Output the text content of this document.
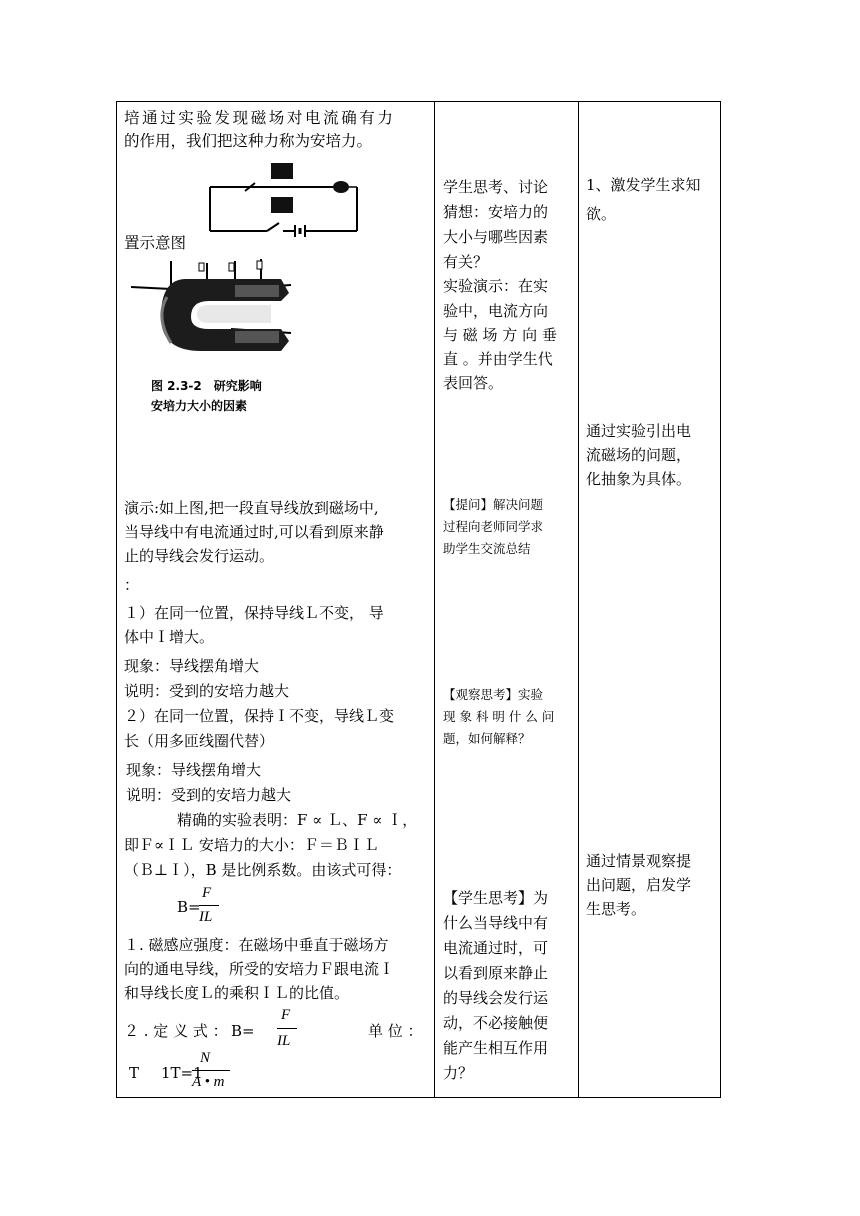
培通过实验发现磁场对电流确有力
的作用，我们把这种力称为安培力。
置示意图
图 2.3-2　研究影响
安培力大小的因素
演示:如上图,把一段直导线放到磁场中,
当导线中有电流通过时,可以看到原来静
止的导线会发行运动。
：
１）在同一位置，保持导线Ｌ不变， 导
体中Ｉ增大。
现象：导线摆角增大
说明：受到的安培力越大
２）在同一位置，保持Ｉ不变，导线Ｌ变
长（用多匝线圈代替）
现象：导线摆角增大
说明：受到的安培力越大
精确的实验表明：F ∝ Ｌ、F ∝ Ｉ，
即Ｆ∝ＩＬ 安培力的大小：Ｆ＝ＢＩＬ
（Ｂ⊥Ｉ），B 是比例系数。由该式可得：
B=
F
IL
１. 磁感应强度：在磁场中垂直于磁场方
向的通电导线，所受的安培力Ｆ跟电流Ｉ
和导线长度Ｌ的乘积ＩＬ的比值。
２ . 定 义 式 ： B=
F
IL
单 位 ：
T 1T=1
N
A • m
学生思考、讨论
猜想：安培力的
大小与哪些因素
有关？
实验演示：在实
验中，电流方向
与 磁 场 方 向 垂
直 。并由学生代
表回答。
【提问】解决问题
过程向老师同学求
助学生交流总结
【观察思考】实验
现 象 科 明 什 么 问
题，如何解释？
【学生思考】为
什么当导线中有
电流通过时，可
以看到原来静止
的导线会发行运
动，不必接触便
能产生相互作用
力？
1、激发学生求知
欲。
通过实验引出电
流磁场的问题，
化抽象为具体。
通过情景观察提
出问题，启发学
生思考。
